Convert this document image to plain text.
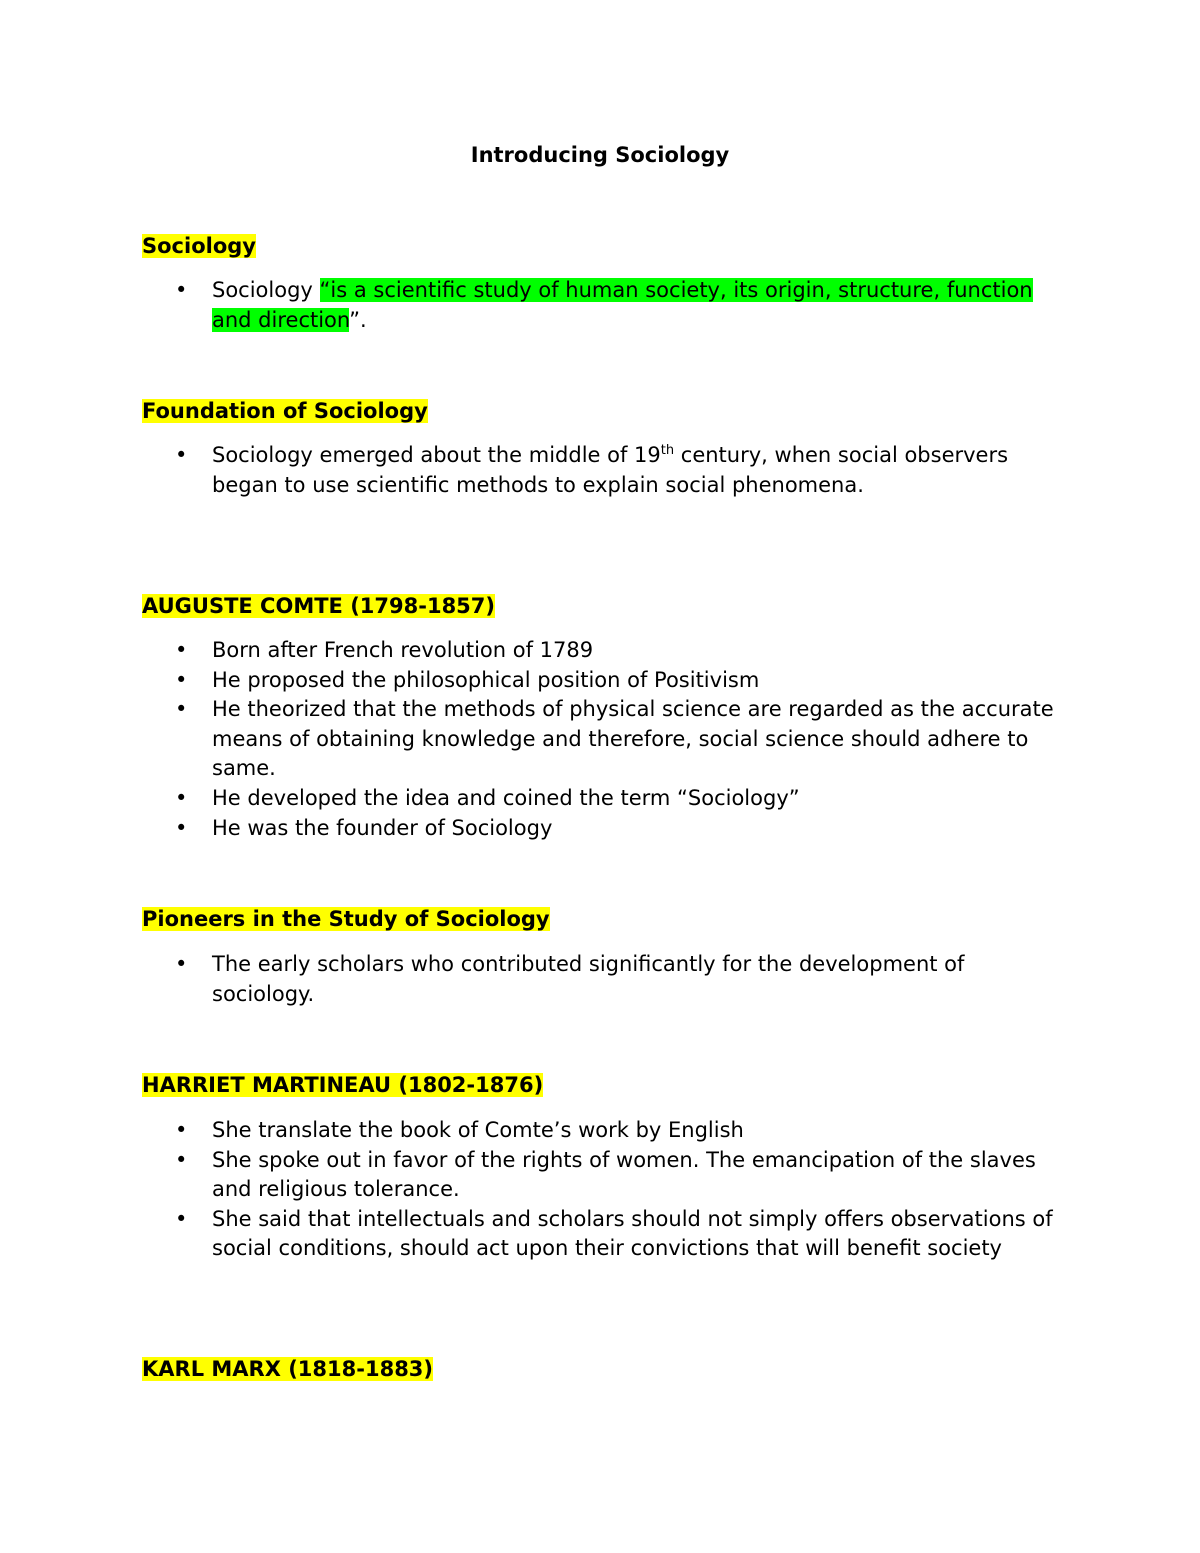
Introducing Sociology
Sociology
• Sociology “is a scientific study of human society, its origin, structure, function and direction”.
Foundation of Sociology
• Sociology emerged about the middle of 19th century, when social observers began to use scientific methods to explain social phenomena.
AUGUSTE COMTE (1798-1857)
• Born after French revolution of 1789
• He proposed the philosophical position of Positivism
• He theorized that the methods of physical science are regarded as the accurate means of obtaining knowledge and therefore, social science should adhere to same.
• He developed the idea and coined the term “Sociology”
• He was the founder of Sociology
Pioneers in the Study of Sociology
• The early scholars who contributed significantly for the development of sociology.
HARRIET MARTINEAU (1802-1876)
• She translate the book of Comte’s work by English
• She spoke out in favor of the rights of women. The emancipation of the slaves and religious tolerance.
• She said that intellectuals and scholars should not simply offers observations of social conditions, should act upon their convictions that will benefit society
KARL MARX (1818-1883)
